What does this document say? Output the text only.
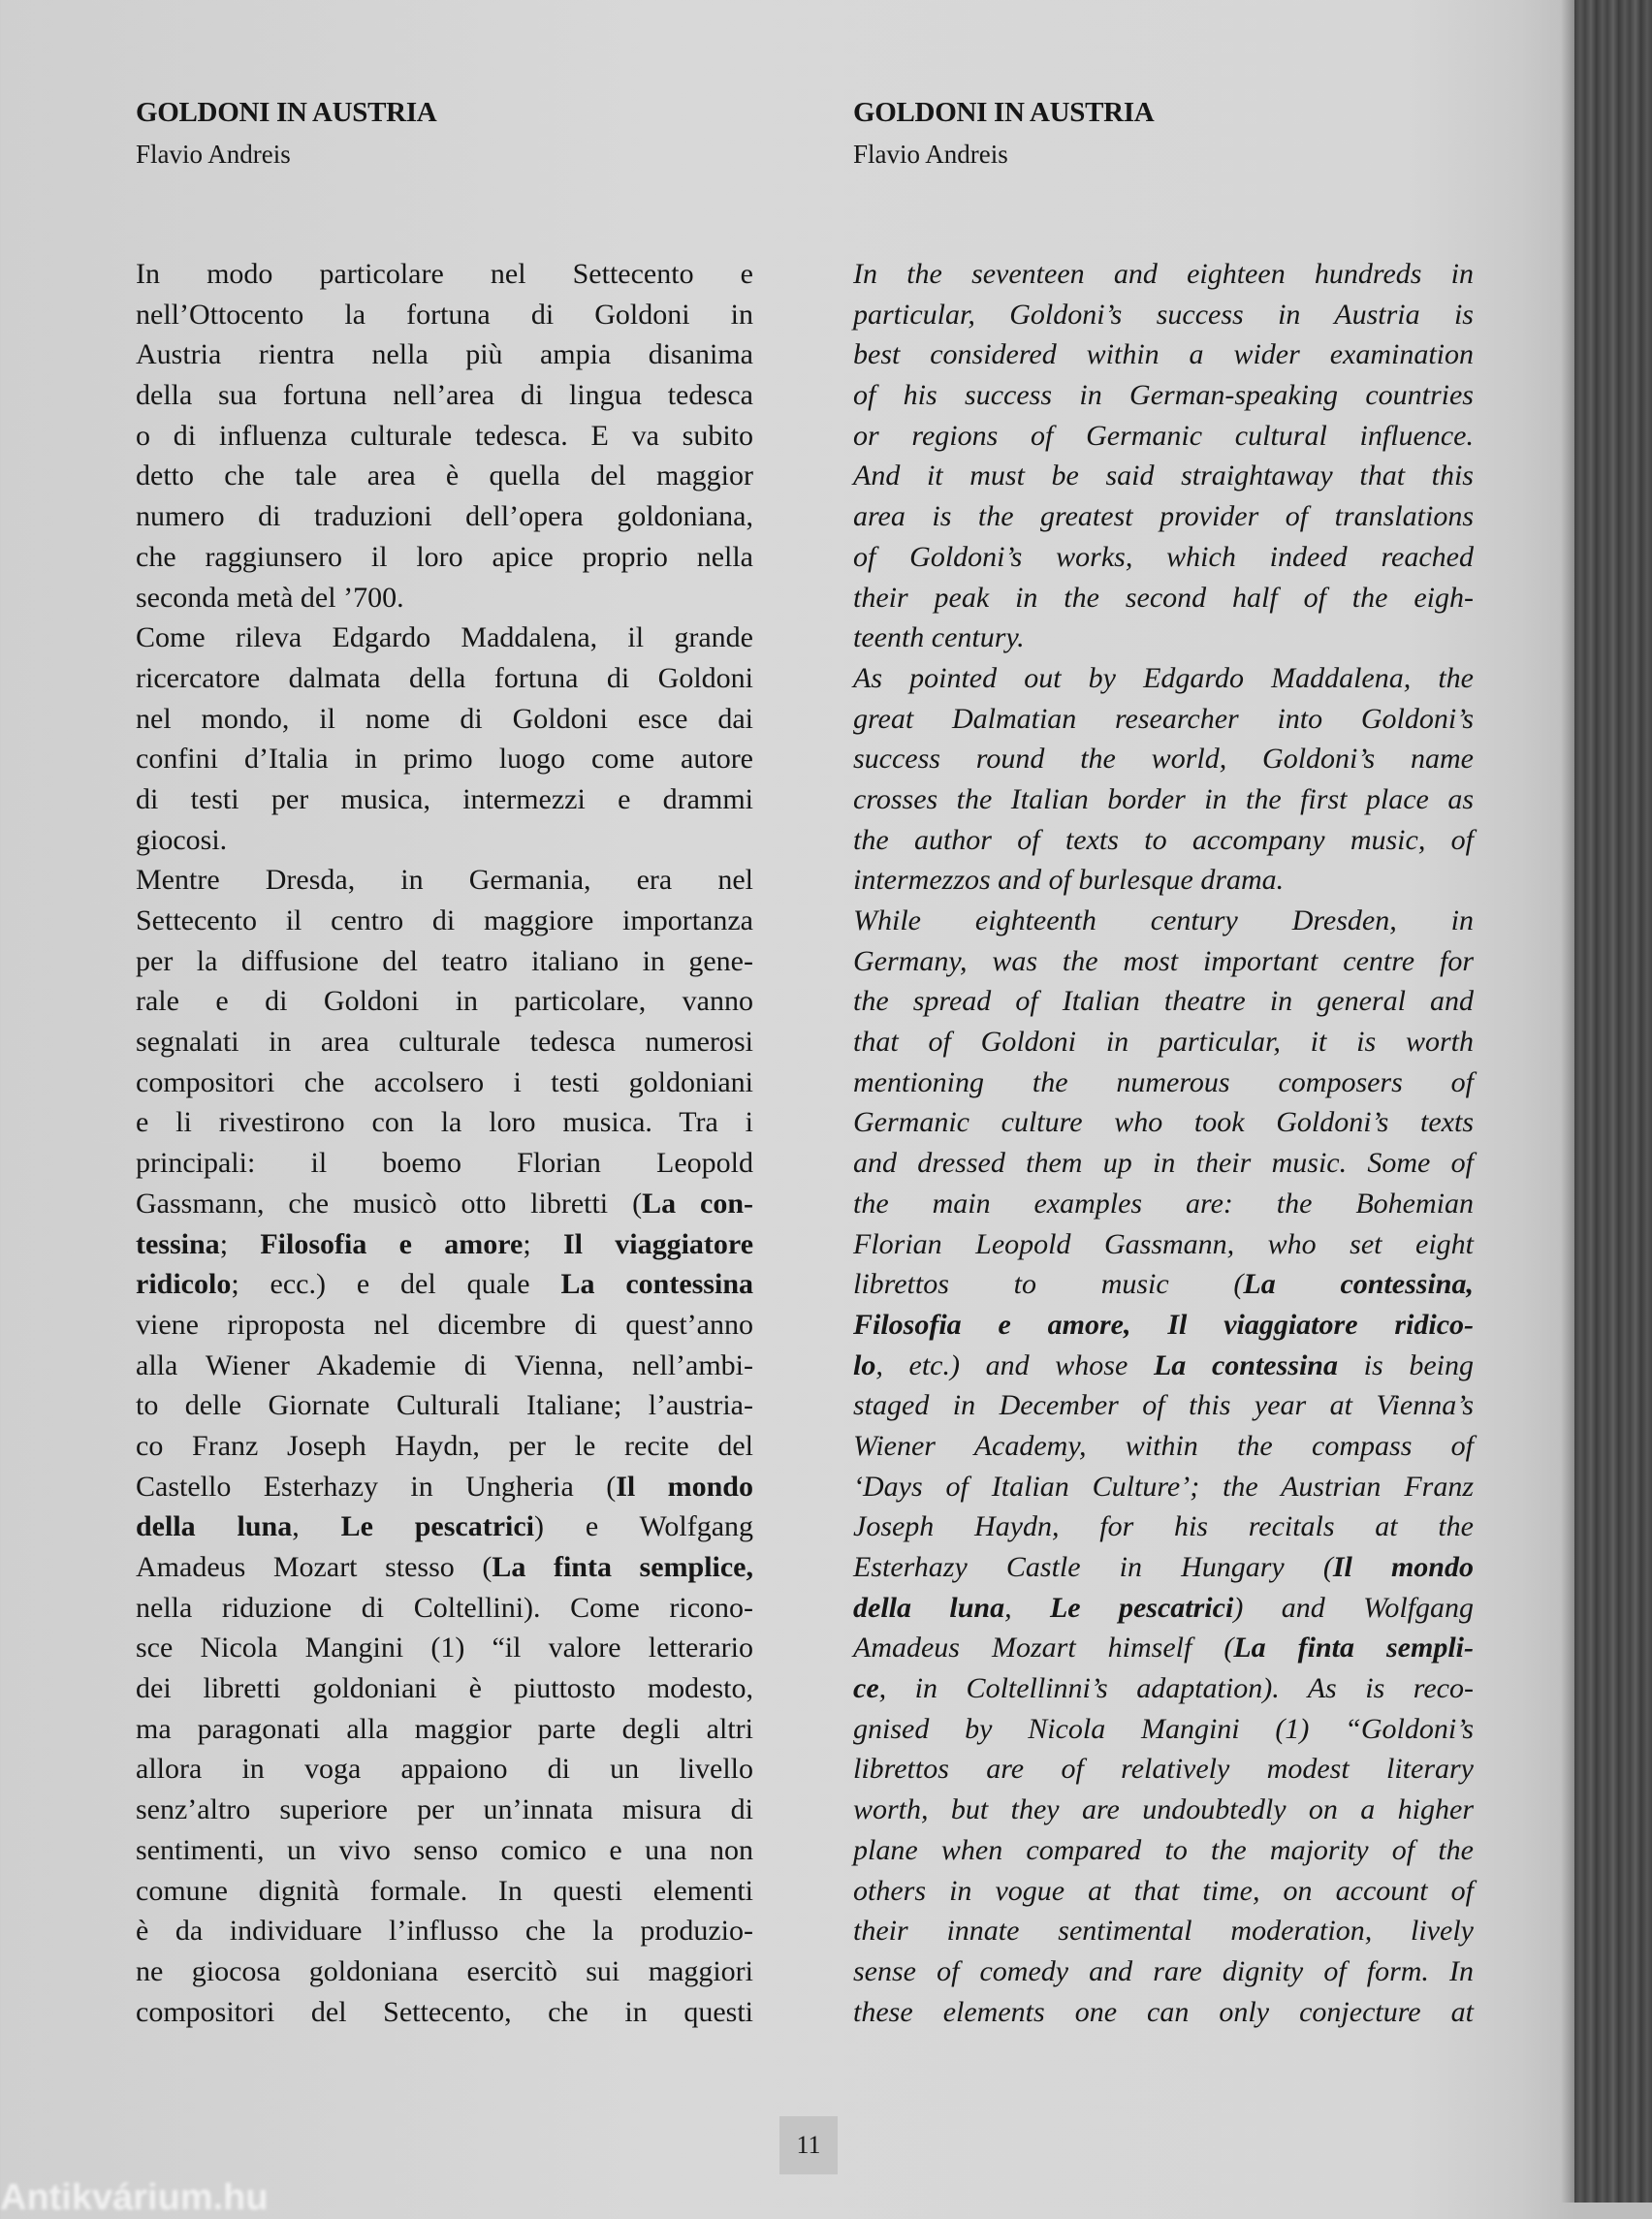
GOLDONI IN AUSTRIA
Flavio Andreis
In modo particolare nel Settecento e
nell’Ottocento la fortuna di Goldoni in
Austria rientra nella più ampia disanima
della sua fortuna nell’area di lingua tedesca
o di influenza culturale tedesca. E va subito
detto che tale area è quella del maggior
numero di traduzioni dell’opera goldoniana,
che raggiunsero il loro apice proprio nella
seconda metà del ’700.
Come rileva Edgardo Maddalena, il grande
ricercatore dalmata della fortuna di Goldoni
nel mondo, il nome di Goldoni esce dai
confini d’Italia in primo luogo come autore
di testi per musica, intermezzi e drammi
giocosi.
Mentre Dresda, in Germania, era nel
Settecento il centro di maggiore importanza
per la diffusione del teatro italiano in gene-
rale e di Goldoni in particolare, vanno
segnalati in area culturale tedesca numerosi
compositori che accolsero i testi goldoniani
e li rivestirono con la loro musica. Tra i
principali: il boemo Florian Leopold
Gassmann, che musicò otto libretti (La con-
tessina; Filosofia e amore; Il viaggiatore
ridicolo; ecc.) e del quale La contessina
viene riproposta nel dicembre di quest’anno
alla Wiener Akademie di Vienna, nell’ambi-
to delle Giornate Culturali Italiane; l’austria-
co Franz Joseph Haydn, per le recite del
Castello Esterhazy in Ungheria (Il mondo
della luna, Le pescatrici) e Wolfgang
Amadeus Mozart stesso (La finta semplice,
nella riduzione di Coltellini). Come ricono-
sce Nicola Mangini (1) “il valore letterario
dei libretti goldoniani è piuttosto modesto,
ma paragonati alla maggior parte degli altri
allora in voga appaiono di un livello
senz’altro superiore per un’innata misura di
sentimenti, un vivo senso comico e una non
comune dignità formale. In questi elementi
è da individuare l’influsso che la produzio-
ne giocosa goldoniana esercitò sui maggiori
compositori del Settecento, che in questi
GOLDONI IN AUSTRIA
Flavio Andreis
In the seventeen and eighteen hundreds in
particular, Goldoni’s success in Austria is
best considered within a wider examination
of his success in German-speaking countries
or regions of Germanic cultural influence.
And it must be said straightaway that this
area is the greatest provider of translations
of Goldoni’s works, which indeed reached
their peak in the second half of the eigh-
teenth century.
As pointed out by Edgardo Maddalena, the
great Dalmatian researcher into Goldoni’s
success round the world, Goldoni’s name
crosses the Italian border in the first place as
the author of texts to accompany music, of
intermezzos and of burlesque drama.
While eighteenth century Dresden, in
Germany, was the most important centre for
the spread of Italian theatre in general and
that of Goldoni in particular, it is worth
mentioning the numerous composers of
Germanic culture who took Goldoni’s texts
and dressed them up in their music. Some of
the main examples are: the Bohemian
Florian Leopold Gassmann, who set eight
librettos to music (La contessina,
Filosofia e amore, Il viaggiatore ridico-
lo, etc.) and whose La contessina is being
staged in December of this year at Vienna’s
Wiener Academy, within the compass of
‘Days of Italian Culture’; the Austrian Franz
Joseph Haydn, for his recitals at the
Esterhazy Castle in Hungary (Il mondo
della luna, Le pescatrici) and Wolfgang
Amadeus Mozart himself (La finta sempli-
ce, in Coltellinni’s adaptation). As is reco-
gnised by Nicola Mangini (1) “Goldoni’s
librettos are of relatively modest literary
worth, but they are undoubtedly on a higher
plane when compared to the majority of the
others in vogue at that time, on account of
their innate sentimental moderation, lively
sense of comedy and rare dignity of form. In
these elements one can only conjecture at
11
Antikvárium.hu
